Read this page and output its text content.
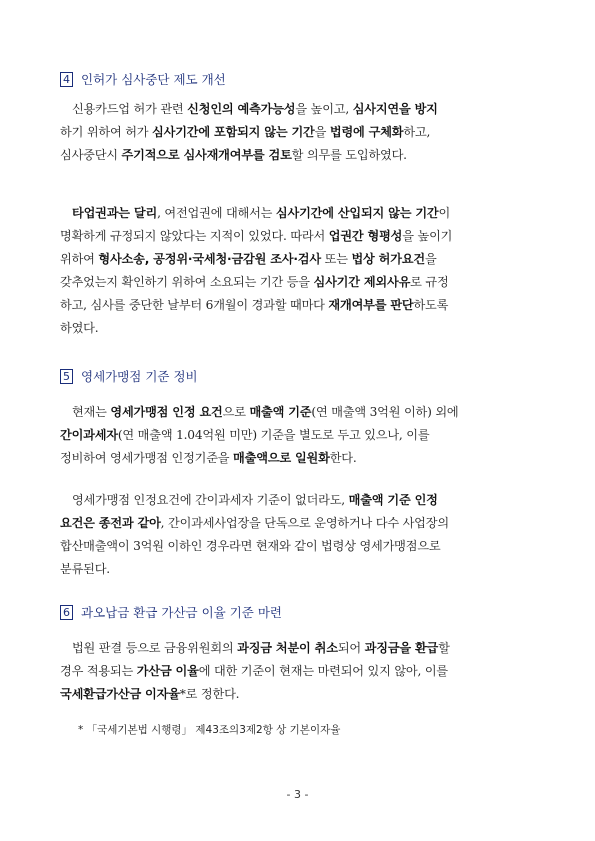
4 인허가 심사중단 제도 개선
　신용카드업 허가 관련 신청인의 예측가능성을 높이고, 심사지연을 방지
하기 위하여 허가 심사기간에 포함되지 않는 기간을 법령에 구체화하고,
심사중단시 주기적으로 심사재개여부를 검토할 의무를 도입하였다.
　타업권과는 달리, 여전업권에 대해서는 심사기간에 산입되지 않는 기간이
명확하게 규정되지 않았다는 지적이 있었다. 따라서 업권간 형평성을 높이기
위하여 형사소송, 공정위·국세청·금감원 조사·검사 또는 법상 허가요건을
갖추었는지 확인하기 위하여 소요되는 기간 등을 심사기간 제외사유로 규정
하고, 심사를 중단한 날부터 6개월이 경과할 때마다 재개여부를 판단하도록
하였다.
5 영세가맹점 기준 정비
　현재는 영세가맹점 인정 요건으로 매출액 기준(연 매출액 3억원 이하) 외에
간이과세자(연 매출액 1.04억원 미만) 기준을 별도로 두고 있으나, 이를
정비하여 영세가맹점 인정기준을 매출액으로 일원화한다.
　영세가맹점 인정요건에 간이과세자 기준이 없더라도, 매출액 기준 인정
요건은 종전과 같아, 간이과세사업장을 단독으로 운영하거나 다수 사업장의
합산매출액이 3억원 이하인 경우라면 현재와 같이 법령상 영세가맹점으로
분류된다.
6 과오납금 환급 가산금 이율 기준 마련
　법원 판결 등으로 금융위원회의 과징금 처분이 취소되어 과징금을 환급할
경우 적용되는 가산금 이율에 대한 기준이 현재는 마련되어 있지 않아, 이를
국세환급가산금 이자율*로 정한다.
* 「국세기본법 시행령」 제43조의3제2항 상 기본이자율
- 3 -
